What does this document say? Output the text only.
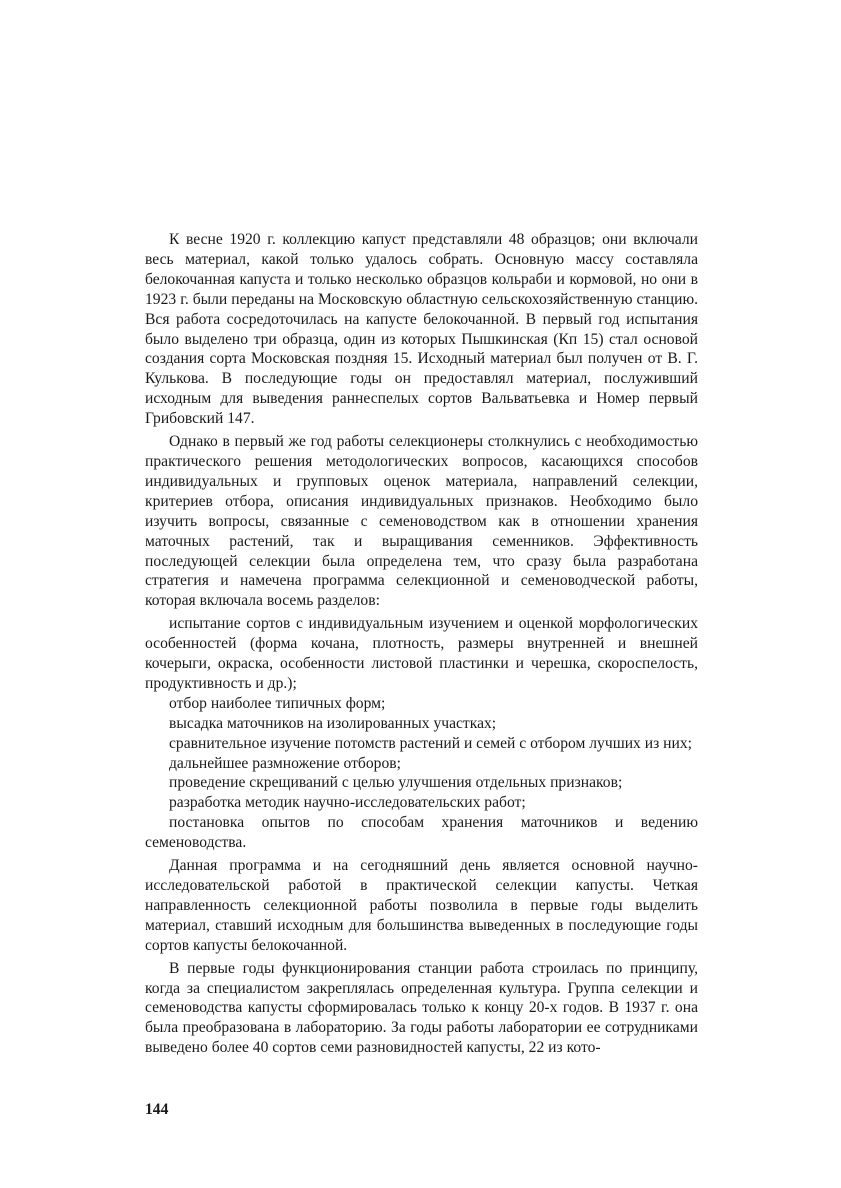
К весне 1920 г. коллекцию капуст представляли 48 образцов; они включали весь материал, какой только удалось собрать. Основную массу составляла белокочанная капуста и только несколько образцов кольраби и кормовой, но они в 1923 г. были переданы на Московскую областную сельскохозяйственную станцию. Вся работа сосредоточилась на капусте белокочанной. В первый год испытания было выделено три образца, один из которых Пышкинская (Кп 15) стал основой создания сорта Московская поздняя 15. Исходный материал был получен от В. Г. Кулькова. В последующие годы он предоставлял материал, послуживший исходным для выведения раннеспелых сортов Вальватьевка и Номер первый Грибовский 147.

Однако в первый же год работы селекционеры столкнулись с необходимостью практического решения методологических вопросов, касающихся способов индивидуальных и групповых оценок материала, направлений селекции, критериев отбора, описания индивидуальных признаков. Необходимо было изучить вопросы, связанные с семеноводством как в отношении хранения маточных растений, так и выращивания семенников. Эффективность последующей селекции была определена тем, что сразу была разработана стратегия и намечена программа селекционной и семеноводческой работы, которая включала восемь разделов:

испытание сортов с индивидуальным изучением и оценкой морфологических особенностей (форма кочана, плотность, размеры внутренней и внешней кочерыги, окраска, особенности листовой пластинки и черешка, скороспелость, продуктивность и др.);

отбор наиболее типичных форм;

высадка маточников на изолированных участках;

сравнительное изучение потомств растений и семей с отбором лучших из них;

дальнейшее размножение отборов;

проведение скрещиваний с целью улучшения отдельных признаков;

разработка методик научно-исследовательских работ;

постановка опытов по способам хранения маточников и ведению семеноводства.

Данная программа и на сегодняшний день является основной научно-исследовательской работой в практической селекции капусты. Четкая направленность селекционной работы позволила в первые годы выделить материал, ставший исходным для большинства выведенных в последующие годы сортов капусты белокочанной.

В первые годы функционирования станции работа строилась по принципу, когда за специалистом закреплялась определенная культура. Группа селекции и семеноводства капусты сформировалась только к концу 20-х годов. В 1937 г. она была преобразована в лабораторию. За годы работы лаборатории ее сотрудниками выведено более 40 сортов семи разновидностей капусты, 22 из кото-

144
